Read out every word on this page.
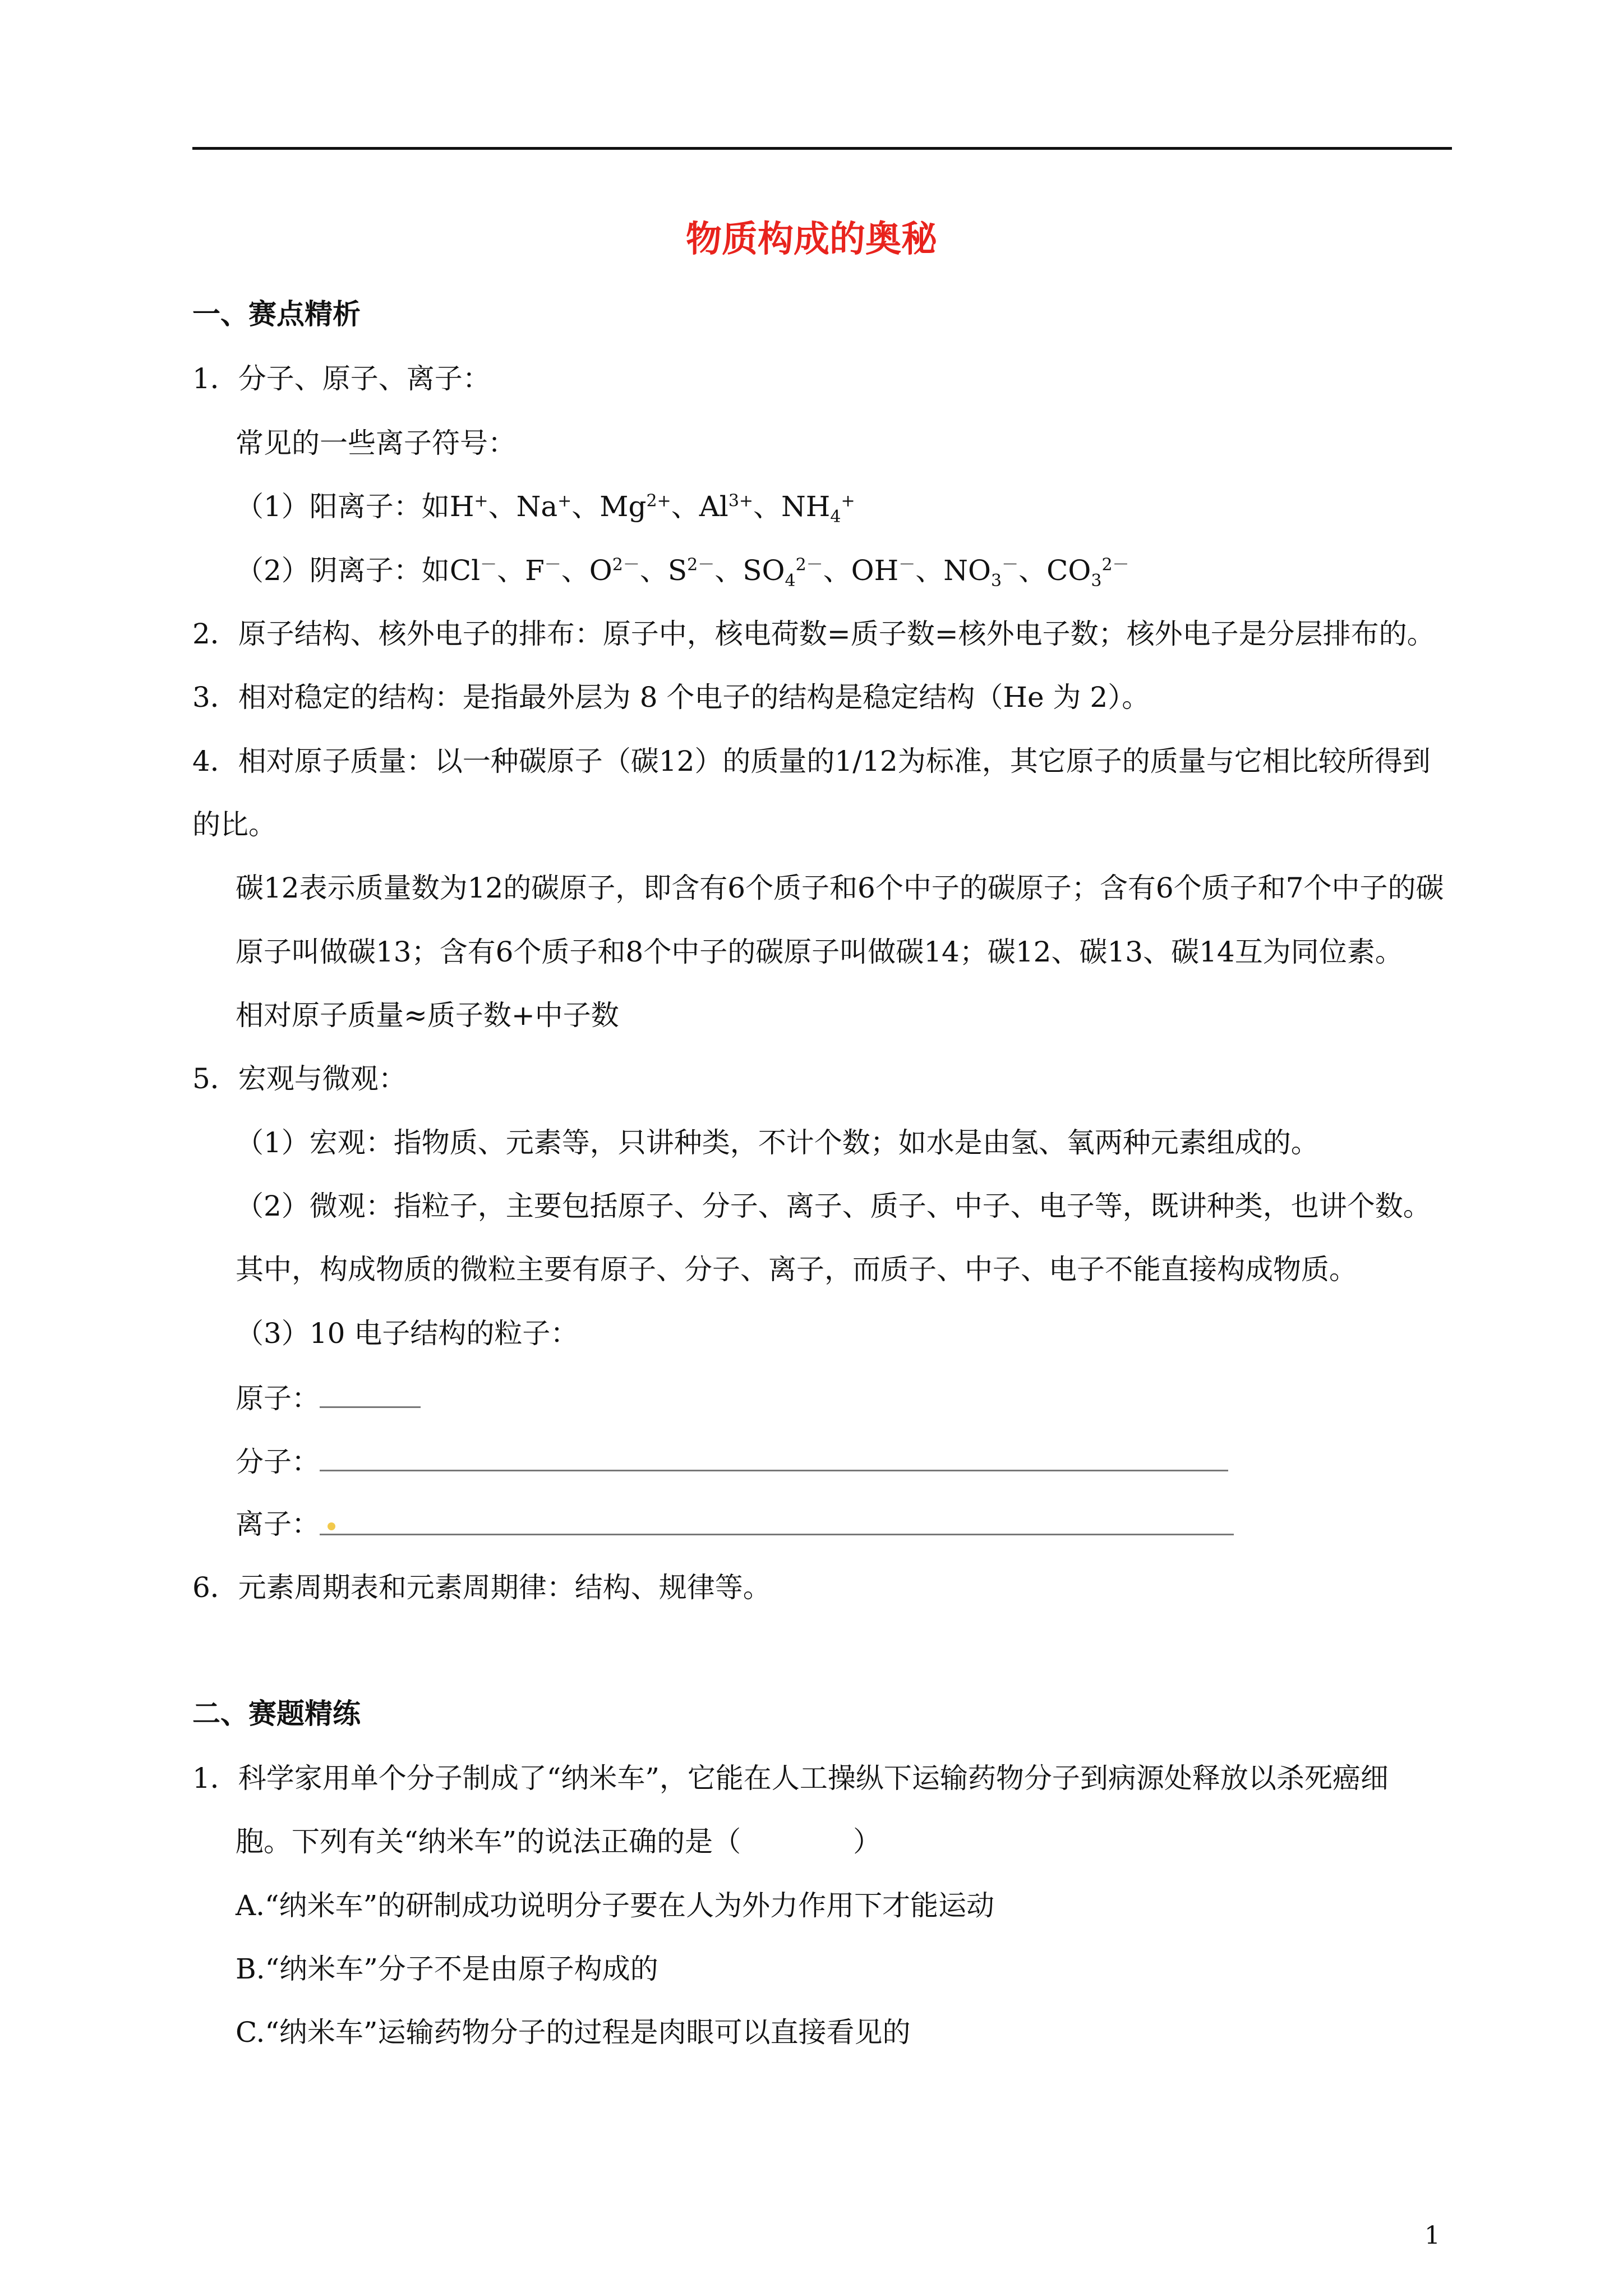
物质构成的奥秘
一、赛点精析
1．分子、原子、离子：
常见的一些离子符号：
（1）阳离子：如H+、Na+、$Mg^{2+}$、$Al^{3+}$、$NH_4^+$
（2）阴离子：如Cl－、F－、$O^{2-}$、$S^{2-}$、$SO_4^{2-}$、OH－、$NO_3^-$、$CO_3^{2-}$
2．原子结构、核外电子的排布：原子中，核电荷数=质子数=核外电子数；核外电子是分层排布的。
3．相对稳定的结构：是指最外层为 8 个电子的结构是稳定结构（He 为 2）。
4．相对原子质量：以一种碳原子（碳12）的质量的1/12为标准，其它原子的质量与它相比较所得到
的比。
碳12表示质量数为12的碳原子，即含有6个质子和6个中子的碳原子；含有6个质子和7个中子的碳
原子叫做碳13；含有6个质子和8个中子的碳原子叫做碳14；碳12、碳13、碳14互为同位素。
相对原子质量≈质子数+中子数
5．宏观与微观：
（1）宏观：指物质、元素等，只讲种类，不计个数；如水是由氢、氧两种元素组成的。
（2）微观：指粒子，主要包括原子、分子、离子、质子、中子、电子等，既讲种类，也讲个数。
其中，构成物质的微粒主要有原子、分子、离子，而质子、中子、电子不能直接构成物质。
（3）10 电子结构的粒子：
原子：
分子：
离子：
6．元素周期表和元素周期律：结构、规律等。
二、赛题精练
1．科学家用单个分子制成了“纳米车”，它能在人工操纵下运输药物分子到病源处释放以杀死癌细
胞。下列有关“纳米车”的说法正确的是（　　　　）
A.“纳米车”的研制成功说明分子要在人为外力作用下才能运动
B.“纳米车”分子不是由原子构成的
C.“纳米车”运输药物分子的过程是肉眼可以直接看见的
1
